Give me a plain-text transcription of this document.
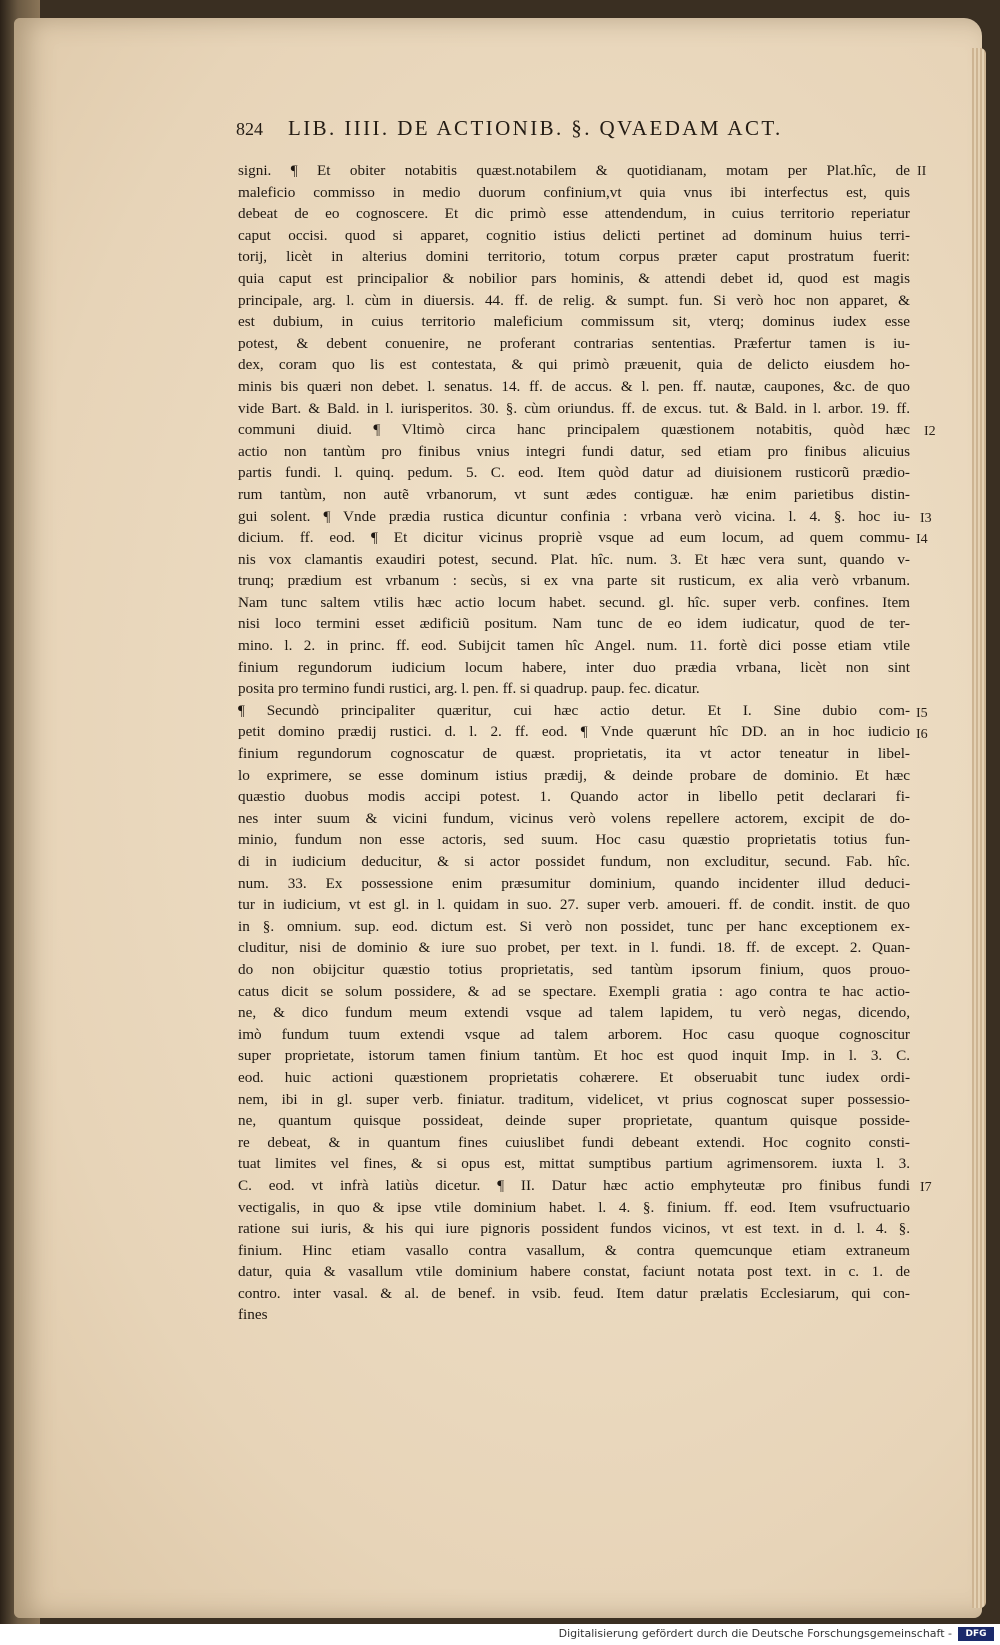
824	LIB. IIII. DE ACTIONIB. §. QVAEDAM ACT.
signi. ¶ Et obiter notabitis quæst.notabilem & quotidianam, motam per Plat.hîc, de
maleficio commisso in medio duorum confinium,vt quia vnus ibi interfectus est, quis
debeat de eo cognoscere. Et dic primò esse attendendum, in cuius territorio reperiatur
caput occisi. quod si apparet, cognitio istius delicti pertinet ad dominum huius terri-
torij, licèt in alterius domini territorio, totum corpus præter caput prostratum fuerit:
quia caput est principalior & nobilior pars hominis, & attendi debet id, quod est magis
principale, arg. l. cùm in diuersis. 44. ff. de relig. & sumpt. fun. Si verò hoc non apparet, &
est dubium, in cuius territorio maleficium commissum sit, vterq; dominus iudex esse
potest, & debent conuenire, ne proferant contrarias sententias. Præfertur tamen is iu-
dex, coram quo lis est contestata, & qui primò præuenit, quia de delicto eiusdem ho-
minis bis quæri non debet. l. senatus. 14. ff. de accus. & l. pen. ff. nautæ, caupones, &c. de quo
vide Bart. & Bald. in l. iurisperitos. 30. §. cùm oriundus. ff. de excus. tut. & Bald. in l. arbor. 19. ff.
communi diuid. ¶ Vltimò circa hanc principalem quæstionem notabitis, quòd hæc
actio non tantùm pro finibus vnius integri fundi datur, sed etiam pro finibus alicuius
partis fundi. l. quinq. pedum. 5. C. eod. Item quòd datur ad diuisionem rusticorũ prædio-
rum tantùm, non autẽ vrbanorum, vt sunt ædes contiguæ. hæ enim parietibus distin-
gui solent. ¶ Vnde prædia rustica dicuntur confinia : vrbana verò vicina. l. 4. §. hoc iu-
dicium. ff. eod. ¶ Et dicitur vicinus propriè vsque ad eum locum, ad quem commu-
nis vox clamantis exaudiri potest, secund. Plat. hîc. num. 3. Et hæc vera sunt, quando v-
trunq; prædium est vrbanum : secùs, si ex vna parte sit rusticum, ex alia verò vrbanum.
Nam tunc saltem vtilis hæc actio locum habet. secund. gl. hîc. super verb. confines. Item
nisi loco termini esset ædificiũ positum. Nam tunc de eo idem iudicatur, quod de ter-
mino. l. 2. in princ. ff. eod. Subijcit tamen hîc Angel. num. 11. fortè dici posse etiam vtile
finium regundorum iudicium locum habere, inter duo prædia vrbana, licèt non sint
posita pro termino fundi rustici, arg. l. pen. ff. si quadrup. paup. fec. dicatur.
¶ Secundò principaliter quæritur, cui hæc actio detur. Et I. Sine dubio com-
petit domino prædij rustici. d. l. 2. ff. eod. ¶ Vnde quærunt hîc DD. an in hoc iudicio
finium regundorum cognoscatur de quæst. proprietatis, ita vt actor teneatur in libel-
lo exprimere, se esse dominum istius prædij, & deinde probare de dominio. Et hæc
quæstio duobus modis accipi potest. 1. Quando actor in libello petit declarari fi-
nes inter suum & vicini fundum, vicinus verò volens repellere actorem, excipit de do-
minio, fundum non esse actoris, sed suum. Hoc casu quæstio proprietatis totius fun-
di in iudicium deducitur, & si actor possidet fundum, non excluditur, secund. Fab. hîc.
num. 33. Ex possessione enim præsumitur dominium, quando incidenter illud deduci-
tur in iudicium, vt est gl. in l. quidam in suo. 27. super verb. amoueri. ff. de condit. instit. de quo
in §. omnium. sup. eod. dictum est. Si verò non possidet, tunc per hanc exceptionem ex-
cluditur, nisi de dominio & iure suo probet, per text. in l. fundi. 18. ff. de except. 2. Quan-
do non obijcitur quæstio totius proprietatis, sed tantùm ipsorum finium, quos prouo-
catus dicit se solum possidere, & ad se spectare. Exempli gratia : ago contra te hac actio-
ne, & dico fundum meum extendi vsque ad talem lapidem, tu verò negas, dicendo,
imò fundum tuum extendi vsque ad talem arborem. Hoc casu quoque cognoscitur
super proprietate, istorum tamen finium tantùm. Et hoc est quod inquit Imp. in l. 3. C.
eod. huic actioni quæstionem proprietatis cohærere. Et obseruabit tunc iudex ordi-
nem, ibi in gl. super verb. finiatur. traditum, videlicet, vt prius cognoscat super possessio-
ne, quantum quisque possideat, deinde super proprietate, quantum quisque posside-
re debeat, & in quantum fines cuiuslibet fundi debeant extendi. Hoc cognito consti-
tuat limites vel fines, & si opus est, mittat sumptibus partium agrimensorem. iuxta l. 3.
C. eod. vt infrà latiùs dicetur. ¶ II. Datur hæc actio emphyteutæ pro finibus fundi
vectigalis, in quo & ipse vtile dominium habet. l. 4. §. finium. ff. eod. Item vsufructuario
ratione sui iuris, & his qui iure pignoris possident fundos vicinos, vt est text. in d. l. 4. §.
finium. Hinc etiam vasallo contra vasallum, & contra quemcunque etiam extraneum
datur, quia & vasallum vtile dominium habere constat, faciunt notata post text. in c. 1. de
contro. inter vasal. & al. de benef. in vsib. feud. Item datur prælatis Ecclesiarum, qui con-
fines
II
I2
I3
I4
I5
I6
I7
Digitalisierung gefördert durch die Deutsche Forschungsgemeinschaft -	DFG
